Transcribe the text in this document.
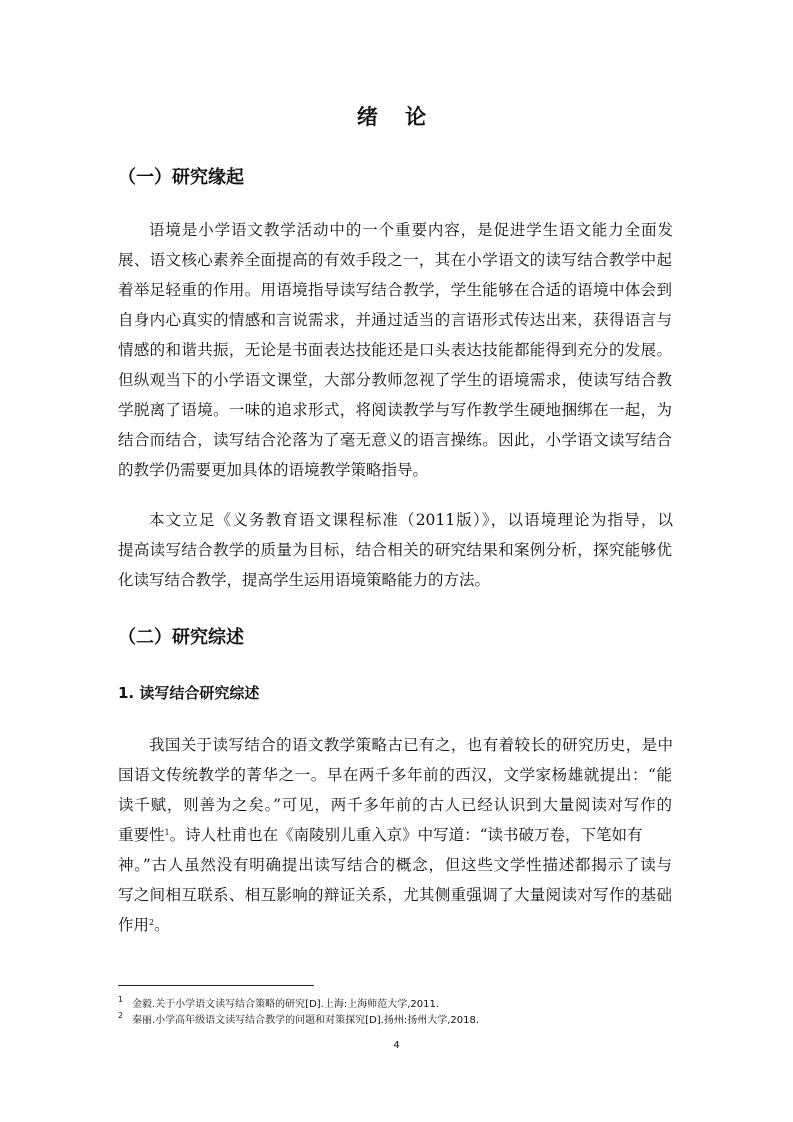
绪 论
（一）研究缘起

语境是小学语文教学活动中的一个重要内容，是促进学生语文能力全面发

展、语文核心素养全面提高的有效手段之一，其在小学语文的读写结合教学中起

着举足轻重的作用。用语境指导读写结合教学，学生能够在合适的语境中体会到

自身内心真实的情感和言说需求，并通过适当的言语形式传达出来，获得语言与

情感的和谐共振，无论是书面表达技能还是口头表达技能都能得到充分的发展。

但纵观当下的小学语文课堂，大部分教师忽视了学生的语境需求，使读写结合教

学脱离了语境。一味的追求形式，将阅读教学与写作教学生硬地捆绑在一起，为

结合而结合，读写结合沦落为了毫无意义的语言操练。因此，小学语文读写结合

的教学仍需要更加具体的语境教学策略指导。

本文立足《义务教育语文课程标准（2011版）》，以语境理论为指导，以

提高读写结合教学的质量为目标，结合相关的研究结果和案例分析，探究能够优

化读写结合教学，提高学生运用语境策略能力的方法。

（二）研究综述
1. 读写结合研究综述

我国关于读写结合的语文教学策略古已有之，也有着较长的研究历史，是中

国语文传统教学的菁华之一。早在两千多年前的西汉，文学家杨雄就提出：“能

读千赋，则善为之矣。”可见，两千多年前的古人已经认识到大量阅读对写作的

重要性$^1$。诗人杜甫也在《南陵别儿重入京》中写道：“读书破万卷，下笔如有

神。”古人虽然没有明确提出读写结合的概念，但这些文学性描述都揭示了读与

写之间相互联系、相互影响的辩证关系，尤其侧重强调了大量阅读对写作的基础

作用$^2$。

1 金毅.关于小学语文读写结合策略的研究[D].上海:上海师范大学,2011.
2 秦丽.小学高年级语文读写结合教学的问题和对策探究[D].扬州:扬州大学,2018.
4
